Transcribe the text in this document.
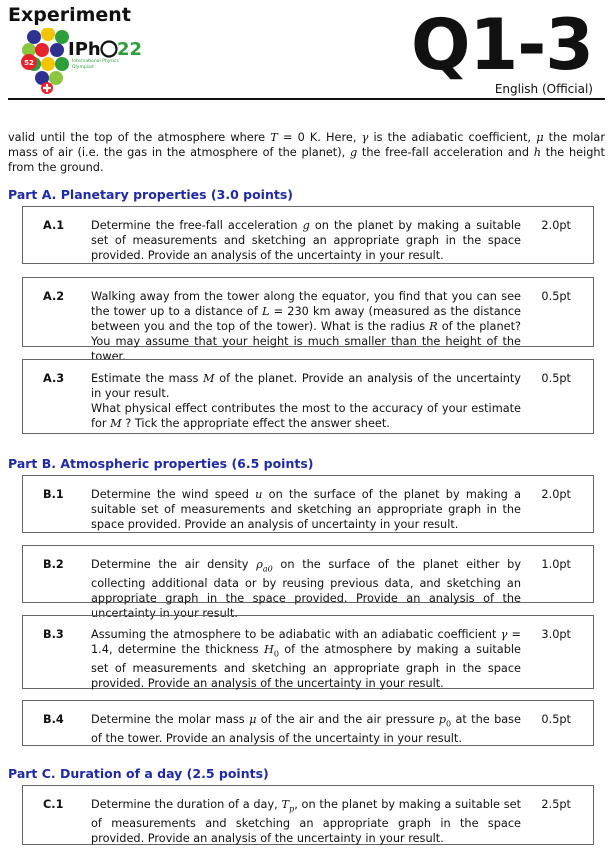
Experiment
52
IPh 22
International Physics
Olympiad	Q1-3
English (Official)
valid until the top of the atmosphere where T = 0 K. Here, γ is the adiabatic coefficient, μ the molar mass of air (i.e. the gas in the atmosphere of the planet), g the free-fall acceleration and h the height from the ground.
Part A. Planetary properties (3.0 points)
A.1 Determine the free-fall acceleration g on the planet by making a suitable set of measurements and sketching an appropriate graph in the space provided. Provide an analysis of the uncertainty in your result.
2.0pt
A.2 Walking away from the tower along the equator, you find that you can see the tower up to a distance of L = 230 km away (measured as the distance between you and the top of the tower). What is the radius R of the planet? You may assume that your height is much smaller than the height of the tower.
0.5pt
A.3 Estimate the mass M of the planet. Provide an analysis of the uncertainty in your result.
What physical effect contributes the most to the accuracy of your estimate for M ? Tick the appropriate effect the answer sheet.
0.5pt
Part B. Atmospheric properties (6.5 points)
B.1 Determine the wind speed u on the surface of the planet by making a suitable set of measurements and sketching an appropriate graph in the space provided. Provide an analysis of uncertainty in your result.
2.0pt
B.2 Determine the air density $\rho_{a0}$ on the surface of the planet either by collecting additional data or by reusing previous data, and sketching an appropriate graph in the space provided. Provide an analysis of the uncertainty in your result.
1.0pt
B.3 Assuming the atmosphere to be adiabatic with an adiabatic coefficient γ = 1.4, determine the thickness $H_0$ of the atmosphere by making a suitable set of measurements and sketching an appropriate graph in the space provided. Provide an analysis of the uncertainty in your result.
3.0pt
B.4 Determine the molar mass μ of the air and the air pressure $p_0$ at the base of the tower. Provide an analysis of the uncertainty in your result.
0.5pt
Part C. Duration of a day (2.5 points)
C.1 Determine the duration of a day, $T_p$, on the planet by making a suitable set of measurements and sketching an appropriate graph in the space provided. Provide an analysis of the uncertainty in your result.
2.5pt
